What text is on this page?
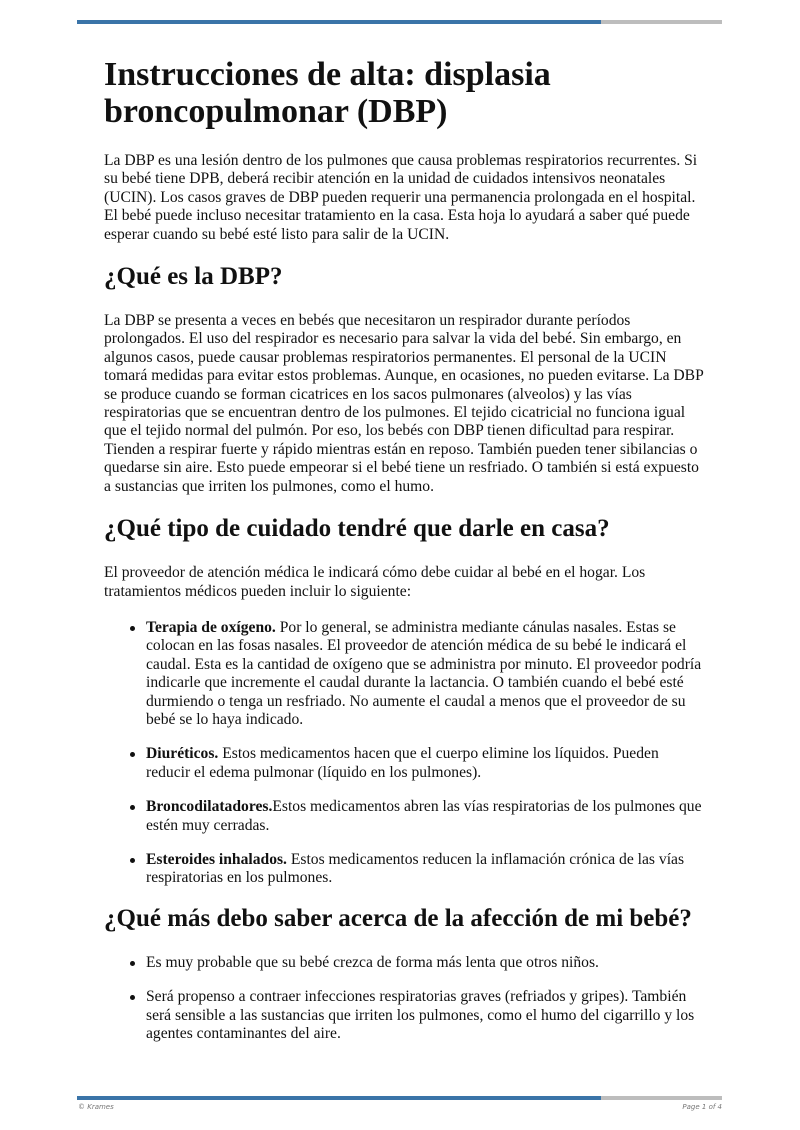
Instrucciones de alta: displasia broncopulmonar (DBP)

La DBP es una lesión dentro de los pulmones que causa problemas respiratorios recurrentes. Si su bebé tiene DPB, deberá recibir atención en la unidad de cuidados intensivos neonatales (UCIN). Los casos graves de DBP pueden requerir una permanencia prolongada en el hospital. El bebé puede incluso necesitar tratamiento en la casa. Esta hoja lo ayudará a saber qué puede esperar cuando su bebé esté listo para salir de la UCIN.

¿Qué es la DBP?

La DBP se presenta a veces en bebés que necesitaron un respirador durante períodos prolongados. El uso del respirador es necesario para salvar la vida del bebé. Sin embargo, en algunos casos, puede causar problemas respiratorios permanentes. El personal de la UCIN tomará medidas para evitar estos problemas. Aunque, en ocasiones, no pueden evitarse. La DBP se produce cuando se forman cicatrices en los sacos pulmonares (alveolos) y las vías respiratorias que se encuentran dentro de los pulmones. El tejido cicatricial no funciona igual que el tejido normal del pulmón. Por eso, los bebés con DBP tienen dificultad para respirar. Tienden a respirar fuerte y rápido mientras están en reposo. También pueden tener sibilancias o quedarse sin aire. Esto puede empeorar si el bebé tiene un resfriado. O también si está expuesto a sustancias que irriten los pulmones, como el humo.

¿Qué tipo de cuidado tendré que darle en casa?

El proveedor de atención médica le indicará cómo debe cuidar al bebé en el hogar. Los tratamientos médicos pueden incluir lo siguiente:

Terapia de oxígeno. Por lo general, se administra mediante cánulas nasales. Estas se colocan en las fosas nasales. El proveedor de atención médica de su bebé le indicará el caudal. Esta es la cantidad de oxígeno que se administra por minuto. El proveedor podría indicarle que incremente el caudal durante la lactancia. O también cuando el bebé esté durmiendo o tenga un resfriado. No aumente el caudal a menos que el proveedor de su bebé se lo haya indicado.
Diuréticos. Estos medicamentos hacen que el cuerpo elimine los líquidos. Pueden reducir el edema pulmonar (líquido en los pulmones).
Broncodilatadores.Estos medicamentos abren las vías respiratorias de los pulmones que estén muy cerradas.
Esteroides inhalados. Estos medicamentos reducen la inflamación crónica de las vías respiratorias en los pulmones.
¿Qué más debo saber acerca de la afección de mi bebé?
Es muy probable que su bebé crezca de forma más lenta que otros niños.
Será propenso a contraer infecciones respiratorias graves (refriados y gripes). También será sensible a las sustancias que irriten los pulmones, como el humo del cigarrillo y los agentes contaminantes del aire.
© Krames	Page 1 of 4
